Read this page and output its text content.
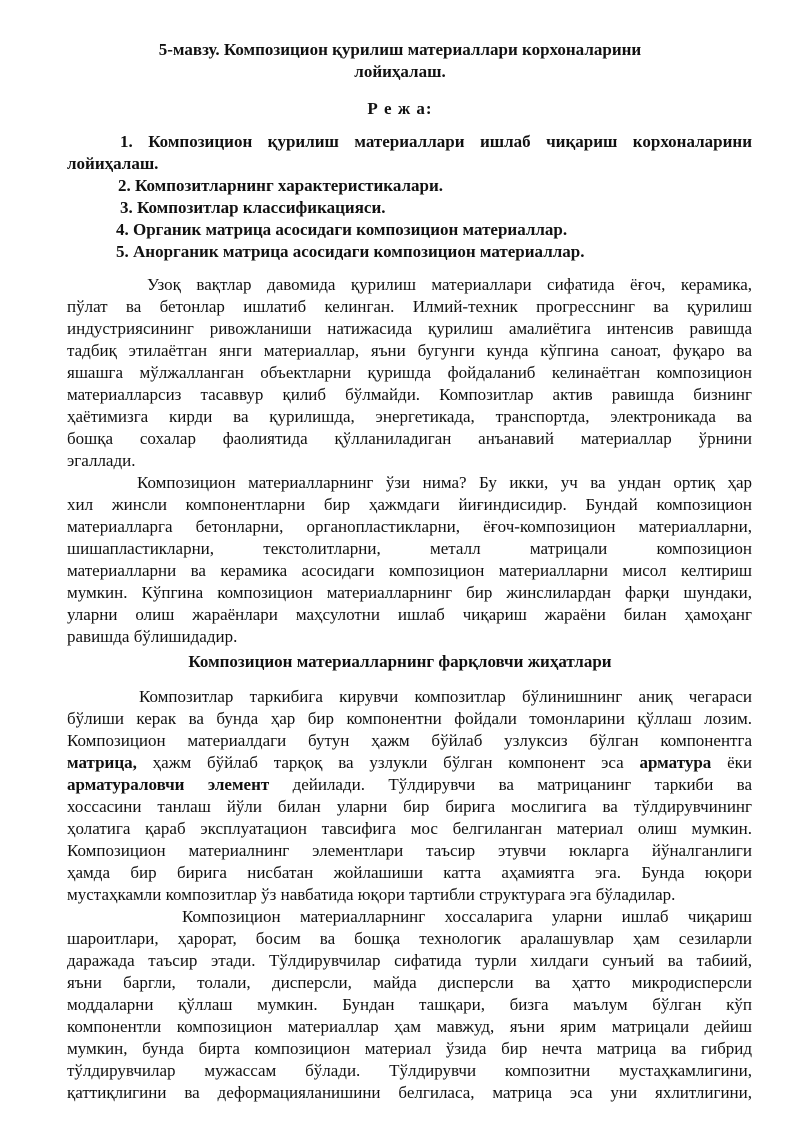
5-мавзу. Композицион қурилиш материаллари корхоналарини
лойиҳалаш.
Р е ж а:
1. Композицион қурилиш материаллари ишлаб чиқариш корхоналарини
лойиҳалаш.
2. Композитларнинг характеристикалари.
3. Композитлар классификацияси.
4. Органик матрица асосидаги композицион материаллар.
5. Анорганик матрица асосидаги композицион материаллар.
Узоқ вақтлар давомида қурилиш материаллари сифатида ёғоч, керамика,
пўлат ва бетонлар ишлатиб келинган. Илмий-техник прогресснинг ва қурилиш
индустриясининг ривожланиши натижасида қурилиш амалиётига интенсив равишда
тадбиқ этилаётган янги материаллар, яъни бугунги кунда кўпгина саноат, фуқаро ва
яшашга мўлжалланган объектларни қуришда фойдаланиб келинаётган композицион
материалларсиз тасаввур қилиб бўлмайди. Композитлар актив равишда бизнинг
ҳаётимизга кирди ва қурилишда, энергетикада, транспортда, электроникада ва
бошқа сохалар фаолиятида қўлланиладиган анъанавий материаллар ўрнини
эгаллади.
Композицион материалларнинг ўзи нима? Бу икки, уч ва ундан ортиқ ҳар
хил жинсли компонентларни бир ҳажмдаги йиғиндисидир. Бундай композицион
материалларга бетонларни, органопластикларни, ёғоч-композицион материалларни,
шишапластикларни, текстолитларни, металл матрицали композицион
материалларни ва керамика асосидаги композицион материалларни мисол келтириш
мумкин. Кўпгина композицион материалларнинг бир жинслилардан фарқи шундаки,
уларни олиш жараёнлари маҳсулотни ишлаб чиқариш жараёни билан ҳамоҳанг
равишда бўлишидадир.
Композицион материалларнинг фарқловчи жиҳатлари
Композитлар таркибига кирувчи композитлар бўлинишнинг аниқ чегараси
бўлиши керак ва бунда ҳар бир компонентни фойдали томонларини қўллаш лозим.
Композицион материалдаги бутун ҳажм бўйлаб узлуксиз бўлган компонентга
матрица, ҳажм бўйлаб тарқоқ ва узлукли бўлган компонент эса арматура ёки
арматураловчи элемент дейилади. Тўлдирувчи ва матрицанинг таркиби ва
хоссасини танлаш йўли билан уларни бир бирига мослигига ва тўлдирувчининг
ҳолатига қараб эксплуатацион тавсифига мос белгиланган материал олиш мумкин.
Композицион материалнинг элементлари таъсир этувчи юкларга йўналганлиги
ҳамда бир бирига нисбатан жойлашиши катта аҳамиятга эга. Бунда юқори
мустаҳкамли композитлар ўз навбатида юқори тартибли структурага эга бўладилар.
Композицион материалларнинг хоссаларига уларни ишлаб чиқариш
шароитлари, ҳарорат, босим ва бошқа технологик аралашувлар ҳам сезиларли
даражада таъсир этади. Тўлдирувчилар сифатида турли хилдаги сунъий ва табиий,
яъни баргли, толали, дисперсли, майда дисперсли ва ҳатто микродисперсли
моддаларни қўллаш мумкин. Бундан ташқари, бизга маълум бўлган кўп
компонентли композицион материаллар ҳам мавжуд, яъни ярим матрицали дейиш
мумкин, бунда бирта композицион материал ўзида бир нечта матрица ва гибрид
тўлдирувчилар мужассам бўлади. Тўлдирувчи композитни мустаҳкамлигини,
қаттиқлигини ва деформацияланишини белгиласа, матрица эса уни яхлитлигини,
